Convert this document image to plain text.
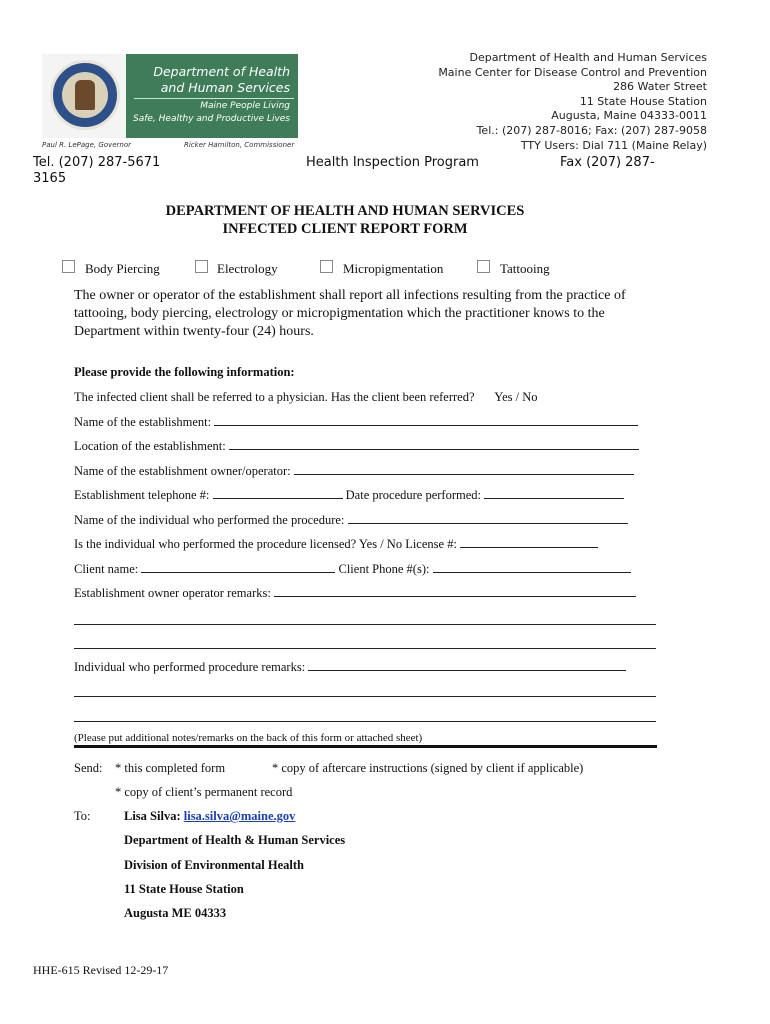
Department of Health and Human Services
Maine People Living
Safe, Healthy and Productive Lives
Paul R. LePage, Governor	Ricker Hamilton, Commissioner
Department of Health and Human Services
Maine Center for Disease Control and Prevention
286 Water Street
11 State House Station
Augusta, Maine 04333-0011
Tel.: (207) 287-8016; Fax: (207) 287-9058
TTY Users: Dial 711 (Maine Relay)
Tel. (207) 287-5671 3165
Health Inspection Program	Fax (207) 287-
DEPARTMENT OF HEALTH AND HUMAN SERVICES
INFECTED CLIENT REPORT FORM
Body Piercing	Electrology	Micropigmentation	Tattooing
The owner or operator of the establishment shall report all infections resulting from the practice of tattooing, body piercing, electrology or micropigmentation which the practitioner knows to the Department within twenty-four (24) hours.
Please provide the following information:
The infected client shall be referred to a physician. Has the client been referred? Yes / No
Name of the establishment:
Location of the establishment:
Name of the establishment owner/operator:
Establishment telephone #:	Date procedure performed:
Name of the individual who performed the procedure:
Is the individual who performed the procedure licensed? Yes / No License #:
Client name:	Client Phone #(s):
Establishment owner operator remarks:
Individual who performed procedure remarks:
(Please put additional notes/remarks on the back of this form or attached sheet)
Send: * this completed form	* copy of aftercare instructions (signed by client if applicable)
* copy of client’s permanent record
To:	Lisa Silva: lisa.silva@maine.gov
Department of Health & Human Services
Division of Environmental Health
11 State House Station
Augusta ME 04333
HHE-615 Revised 12-29-17
